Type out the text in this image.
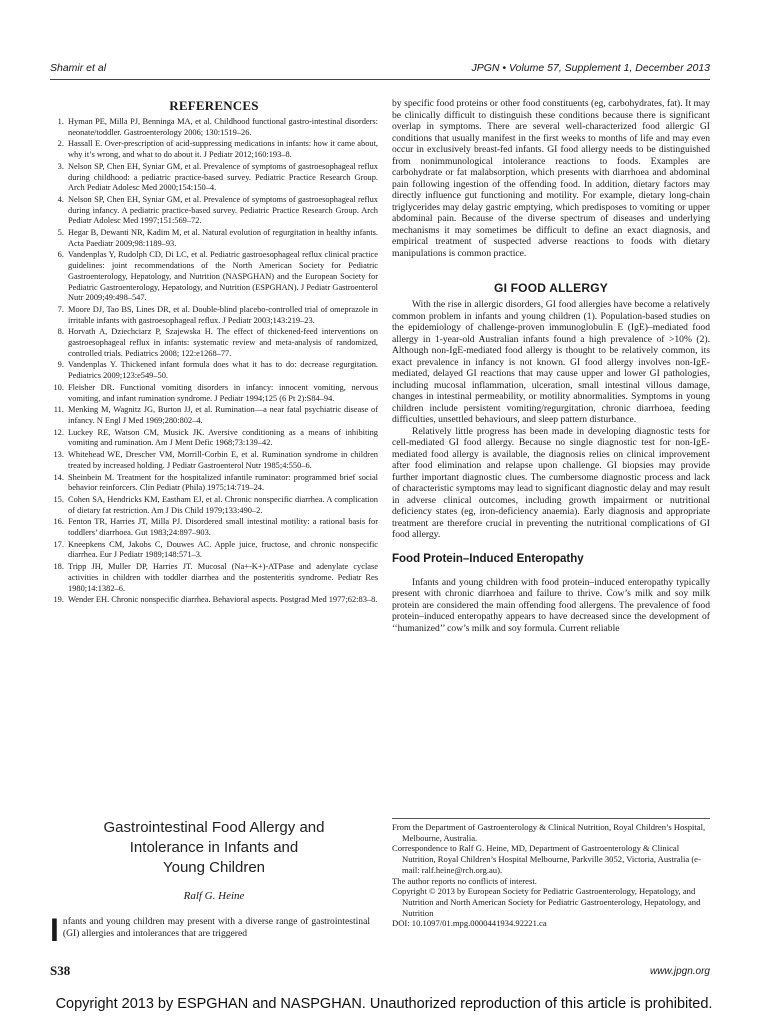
Shamir et al	JPGN • Volume 57, Supplement 1, December 2013
REFERENCES
1. Hyman PE, Milla PJ, Benninga MA, et al. Childhood functional gastro-intestinal disorders: neonate/toddler. Gastroenterology 2006; 130:1519–26.
2. Hassall E. Over-prescription of acid-suppressing medications in infants: how it came about, why it’s wrong, and what to do about it. J Pediatr 2012;160:193–8.
3. Nelson SP, Chen EH, Syniar GM, et al. Prevalence of symptoms of gastroesophageal reflux during childhood: a pediatric practice-based survey. Pediatric Practice Research Group. Arch Pediatr Adolesc Med 2000;154:150–4.
4. Nelson SP, Chen EH, Syniar GM, et al. Prevalence of symptoms of gastroesophageal reflux during infancy. A pediatric practice-based survey. Pediatric Practice Research Group. Arch Pediatr Adolesc Med 1997;151:569–72.
5. Hegar B, Dewanti NR, Kadim M, et al. Natural evolution of regurgitation in healthy infants. Acta Paediatr 2009;98:1189–93.
6. Vandenplas Y, Rudolph CD, Di LC, et al. Pediatric gastroesophageal reflux clinical practice guidelines: joint recommendations of the North American Society for Pediatric Gastroenterology, Hepatology, and Nutrition (NASPGHAN) and the European Society for Pediatric Gastroenterology, Hepatology, and Nutrition (ESPGHAN). J Pediatr Gastroenterol Nutr 2009;49:498–547.
7. Moore DJ, Tao BS, Lines DR, et al. Double-blind placebo-controlled trial of omeprazole in irritable infants with gastroesophageal reflux. J Pediatr 2003;143:219–23.
8. Horvath A, Dziechciarz P, Szajewska H. The effect of thickened-feed interventions on gastroesophageal reflux in infants: systematic review and meta-analysis of randomized, controlled trials. Pediatrics 2008; 122:e1268–77.
9. Vandenplas Y. Thickened infant formula does what it has to do: decrease regurgitation. Pediatrics 2009;123:e549–50.
10. Fleisher DR. Functional vomiting disorders in infancy: innocent vomiting, nervous vomiting, and infant rumination syndrome. J Pediatr 1994;125 (6 Pt 2):S84–94.
11. Menking M, Wagnitz JG, Burton JJ, et al. Rumination—a near fatal psychiatric disease of infancy. N Engl J Med 1969;280:802–4.
12. Luckey RE, Watson CM, Musick JK. Aversive conditioning as a means of inhibiting vomiting and rumination. Am J Ment Defic 1968;73:139–42.
13. Whitehead WE, Drescher VM, Morrill-Corbin E, et al. Rumination syndrome in children treated by increased holding. J Pediatr Gastroenterol Nutr 1985;4:550–6.
14. Sheinbein M. Treatment for the hospitalized infantile ruminator: programmed brief social behavior reinforcers. Clin Pediatr (Phila) 1975;14:719–24.
15. Cohen SA, Hendricks KM, Eastham EJ, et al. Chronic nonspecific diarrhea. A complication of dietary fat restriction. Am J Dis Child 1979;133:490–2.
16. Fenton TR, Harries JT, Milla PJ. Disordered small intestinal motility: a rational basis for toddlers’ diarrhoea. Gut 1983;24:897–903.
17. Kneepkens CM, Jakobs C, Douwes AC. Apple juice, fructose, and chronic nonspecific diarrhea. Eur J Pediatr 1989;148:571–3.
18. Tripp JH, Muller DP, Harries JT. Mucosal (Na+-K+)-ATPase and adenylate cyclase activities in children with toddler diarrhea and the postenteritis syndrome. Pediatr Res 1980;14:1382–6.
19. Wender EH. Chronic nonspecific diarrhea. Behavioral aspects. Postgrad Med 1977;62:83–8.
Gastrointestinal Food Allergy and
Intolerance in Infants and
Young Children
Ralf G. Heine
I nfants and young children may present with a diverse range of gastrointestinal (GI) allergies and intolerances that are triggered

by specific food proteins or other food constituents (eg, carbohydrates, fat). It may be clinically difficult to distinguish these conditions because there is significant overlap in symptoms. There are several well-characterized food allergic GI conditions that usually manifest in the first weeks to months of life and may even occur in exclusively breast-fed infants. GI food allergy needs to be distinguished from nonimmunological intolerance reactions to foods. Examples are carbohydrate or fat malabsorption, which presents with diarrhoea and abdominal pain following ingestion of the offending food. In addition, dietary factors may directly influence gut functioning and motility. For example, dietary long-chain triglycerides may delay gastric emptying, which predisposes to vomiting or upper abdominal pain. Because of the diverse spectrum of diseases and underlying mechanisms it may sometimes be difficult to define an exact diagnosis, and empirical treatment of suspected adverse reactions to foods with dietary manipulations is common practice.

GI FOOD ALLERGY

With the rise in allergic disorders, GI food allergies have become a relatively common problem in infants and young children (1). Population-based studies on the epidemiology of challenge-proven immunoglobulin E (IgE)–mediated food allergy in 1-year-old Australian infants found a high prevalence of >10% (2). Although non-IgE-mediated food allergy is thought to be relatively common, its exact prevalence in infancy is not known. GI food allergy involves non-IgE-mediated, delayed GI reactions that may cause upper and lower GI pathologies, including mucosal inflammation, ulceration, small intestinal villous damage, changes in intestinal permeability, or motility abnormalities. Symptoms in young children include persistent vomiting/regurgitation, chronic diarrhoea, feeding difficulties, unsettled behaviours, and sleep pattern disturbance.

Relatively little progress has been made in developing diagnostic tests for cell-mediated GI food allergy. Because no single diagnostic test for non-IgE-mediated food allergy is available, the diagnosis relies on clinical improvement after food elimination and relapse upon challenge. GI biopsies may provide further important diagnostic clues. The cumbersome diagnostic process and lack of characteristic symptoms may lead to significant diagnostic delay and may result in adverse clinical outcomes, including growth impairment or nutritional deficiency states (eg, iron-deficiency anaemia). Early diagnosis and appropriate treatment are therefore crucial in preventing the nutritional complications of GI food allergy.

Food Protein–Induced Enteropathy

Infants and young children with food protein–induced enteropathy typically present with chronic diarrhoea and failure to thrive. Cow’s milk and soy milk protein are considered the main offending food allergens. The prevalence of food protein–induced enteropathy appears to have decreased since the development of ‘‘humanized’’ cow’s milk and soy formula. Current reliable

From the Department of Gastroenterology & Clinical Nutrition, Royal Children’s Hospital, Melbourne, Australia.

Correspondence to Ralf G. Heine, MD, Department of Gastroenterology & Clinical Nutrition, Royal Children’s Hospital Melbourne, Parkville 3052, Victoria, Australia (e-mail: ralf.heine@rch.org.au).

The author reports no conflicts of interest.

Copyright © 2013 by European Society for Pediatric Gastroenterology, Hepatology, and Nutrition and North American Society for Pediatric Gastroenterology, Hepatology, and Nutrition

DOI: 10.1097/01.mpg.0000441934.92221.ca

S38	www.jpgn.org
Copyright 2013 by ESPGHAN and NASPGHAN. Unauthorized reproduction of this article is prohibited.
